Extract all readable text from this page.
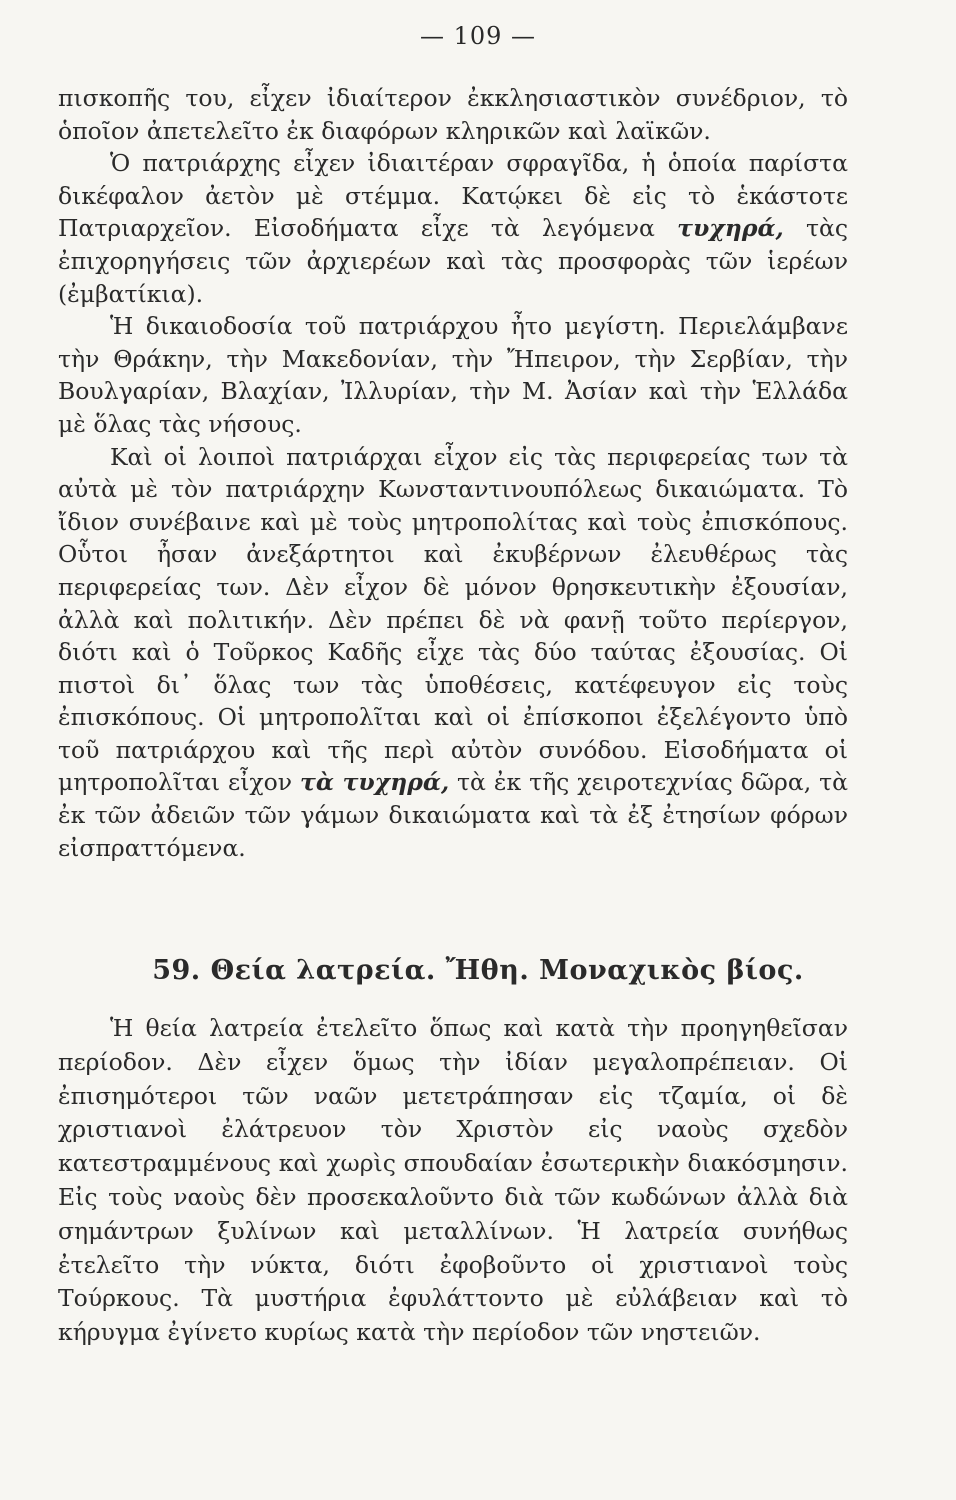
— 109 —

πισκοπῆς του, εἶχεν ἰδιαίτερον ἐκκλησιαστικὸν συνέδριον, τὸ ὁποῖον ἀπετελεῖτο ἐκ διαφόρων κληρικῶν καὶ λαϊκῶν.

Ὁ πατριάρχης εἶχεν ἰδιαιτέραν σφραγῖδα, ἡ ὁποία παρίστα δικέφαλον ἀετὸν μὲ στέμμα. Κατῴκει δὲ εἰς τὸ ἑκάστοτε Πατριαρχεῖον. Εἰσοδήματα εἶχε τὰ λεγόμενα τυχηρά, τὰς ἐπιχορηγήσεις τῶν ἀρχιερέων καὶ τὰς προσφορὰς τῶν ἱερέων (ἐμβατίκια).

Ἡ δικαιοδοσία τοῦ πατριάρχου ἦτο μεγίστη. Περιελάμβανε τὴν Θράκην, τὴν Μακεδονίαν, τὴν Ἤπειρον, τὴν Σερβίαν, τὴν Βουλγαρίαν, Βλαχίαν, Ἰλλυρίαν, τὴν Μ. Ἀσίαν καὶ τὴν Ἑλλάδα μὲ ὅλας τὰς νήσους.

Καὶ οἱ λοιποὶ πατριάρχαι εἶχον εἰς τὰς περιφερείας των τὰ αὐτὰ μὲ τὸν πατριάρχην Κωνσταντινουπόλεως δικαιώματα. Τὸ ἴδιον συνέβαινε καὶ μὲ τοὺς μητροπολίτας καὶ τοὺς ἐπισκόπους. Οὗτοι ἦσαν ἀνεξάρτητοι καὶ ἐκυβέρνων ἐλευθέρως τὰς περιφερείας των. Δὲν εἶχον δὲ μόνον θρησκευτικὴν ἐξουσίαν, ἀλλὰ καὶ πολιτικήν. Δὲν πρέπει δὲ νὰ φανῇ τοῦτο περίεργον, διότι καὶ ὁ Τοῦρκος Καδῆς εἶχε τὰς δύο ταύτας ἐξουσίας. Οἱ πιστοὶ δι᾽ ὅλας των τὰς ὑποθέσεις, κατέφευγον εἰς τοὺς ἐπισκόπους. Οἱ μητροπολῖται καὶ οἱ ἐπίσκοποι ἐξελέγοντο ὑπὸ τοῦ πατριάρχου καὶ τῆς περὶ αὐτὸν συνόδου. Εἰσοδήματα οἱ μητροπολῖται εἶχον τὰ τυχηρά, τὰ ἐκ τῆς χειροτεχνίας δῶρα, τὰ ἐκ τῶν ἀδειῶν τῶν γάμων δικαιώματα καὶ τὰ ἐξ ἐτησίων φόρων εἰσπραττόμενα.

59. Θεία λατρεία. Ἤθη. Μοναχικὸς βίος.

Ἡ θεία λατρεία ἐτελεῖτο ὅπως καὶ κατὰ τὴν προηγηθεῖσαν περίοδον. Δὲν εἶχεν ὅμως τὴν ἰδίαν μεγαλοπρέπειαν. Οἱ ἐπισημότεροι τῶν ναῶν μετετράπησαν εἰς τζαμία, οἱ δὲ χριστιανοὶ ἐλάτρευον τὸν Χριστὸν εἰς ναοὺς σχεδὸν κατεστραμμένους καὶ χωρὶς σπουδαίαν ἐσωτερικὴν διακόσμησιν. Εἰς τοὺς ναοὺς δὲν προσεκαλοῦντο διὰ τῶν κωδώνων ἀλλὰ διὰ σημάντρων ξυλίνων καὶ μεταλλίνων. Ἡ λατρεία συνήθως ἐτελεῖτο τὴν νύκτα, διότι ἐφοβοῦντο οἱ χριστιανοὶ τοὺς Τούρκους. Τὰ μυστήρια ἐφυλάττοντο μὲ εὐλάβειαν καὶ τὸ κήρυγμα ἐγίνετο κυρίως κατὰ τὴν περίοδον τῶν νηστειῶν.
